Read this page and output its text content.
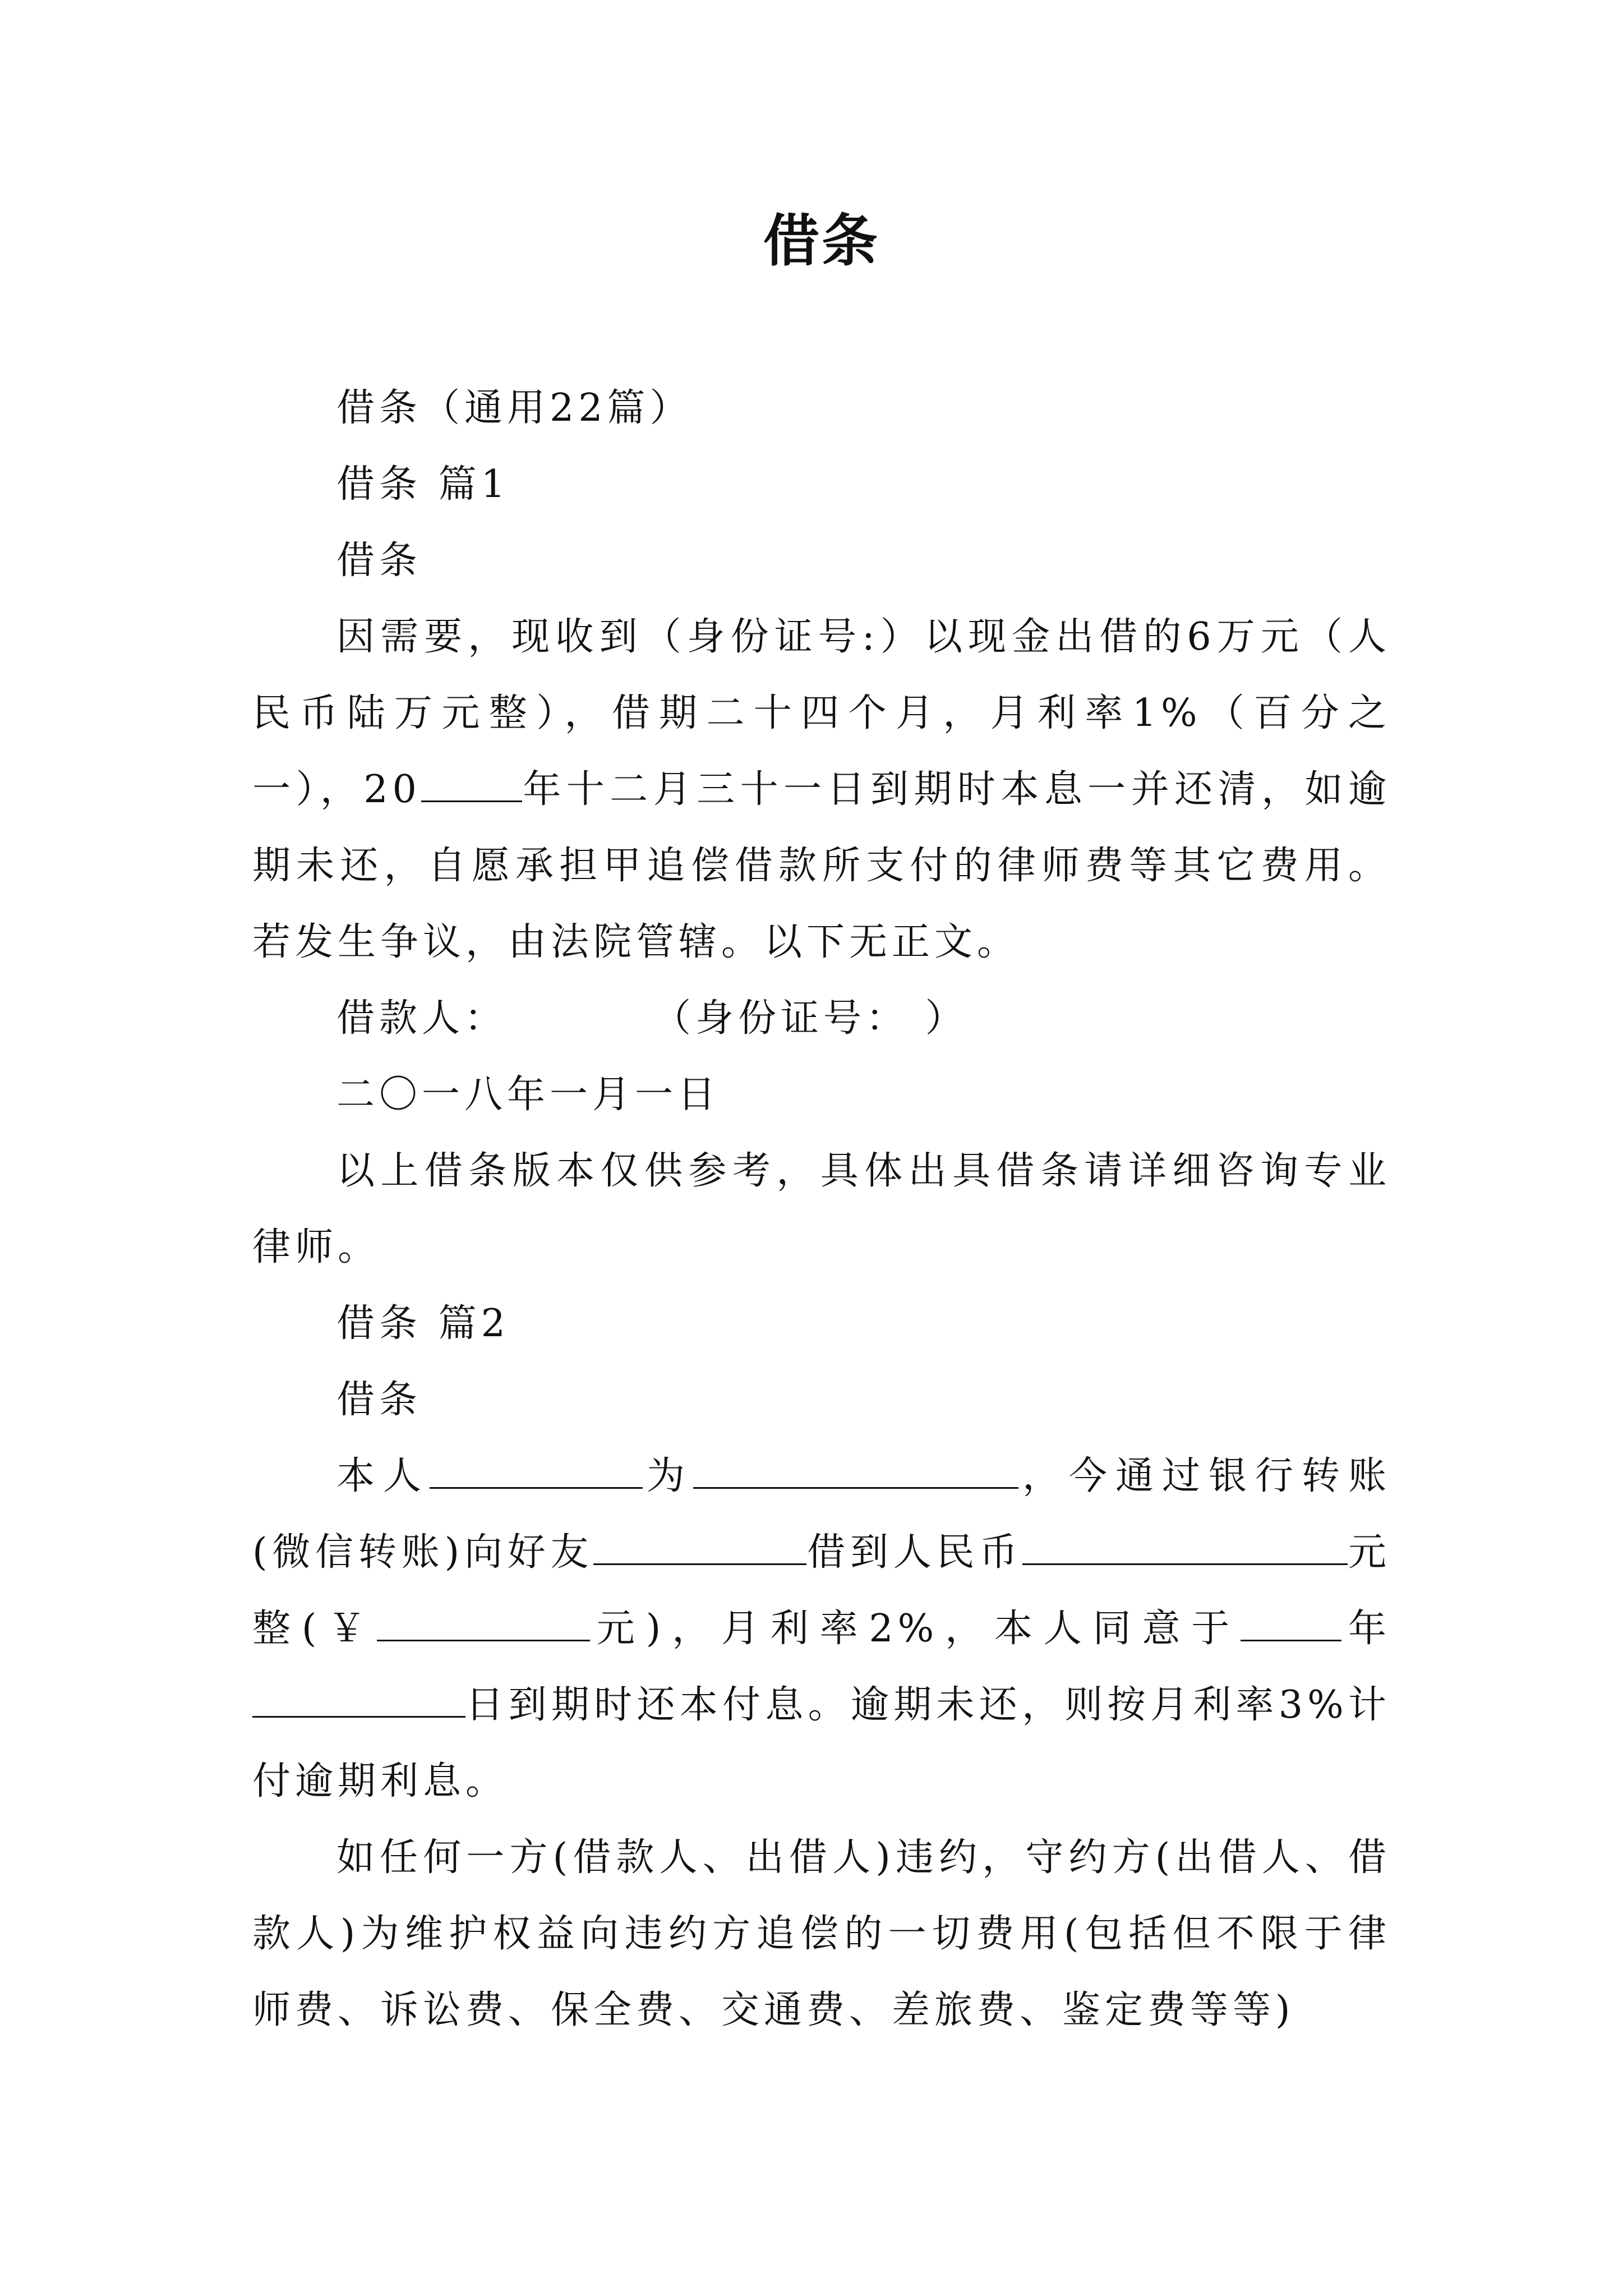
借条

借条（通用22篇）

借条 篇1

借条

因需要，现收到（身份证号:）以现金出借的6万元（人民币陆万元整），借期二十四个月，月利率1%（百分之一），20	年十二月三十一日到期时本息一并还清，如逾期未还，自愿承担甲追偿借款所支付的律师费等其它费用。若发生争议，由法院管辖。以下无正文。

借款人：	（身份证号： ）

二〇一八年一月一日

以上借条版本仅供参考，具体出具借条请详细咨询专业律师。

借条 篇2

借条

本人	为	，今通过银行转账(微信转账)向好友	借到人民币	元整(￥	元)，月利率2%，本人同意于	年日到期时还本付息。逾期未还，则按月利率3%计付逾期利息。

如任何一方(借款人、出借人)违约，守约方(出借人、借款人)为维护权益向违约方追偿的一切费用(包括但不限于律师费、诉讼费、保全费、交通费、差旅费、鉴定费等等)
